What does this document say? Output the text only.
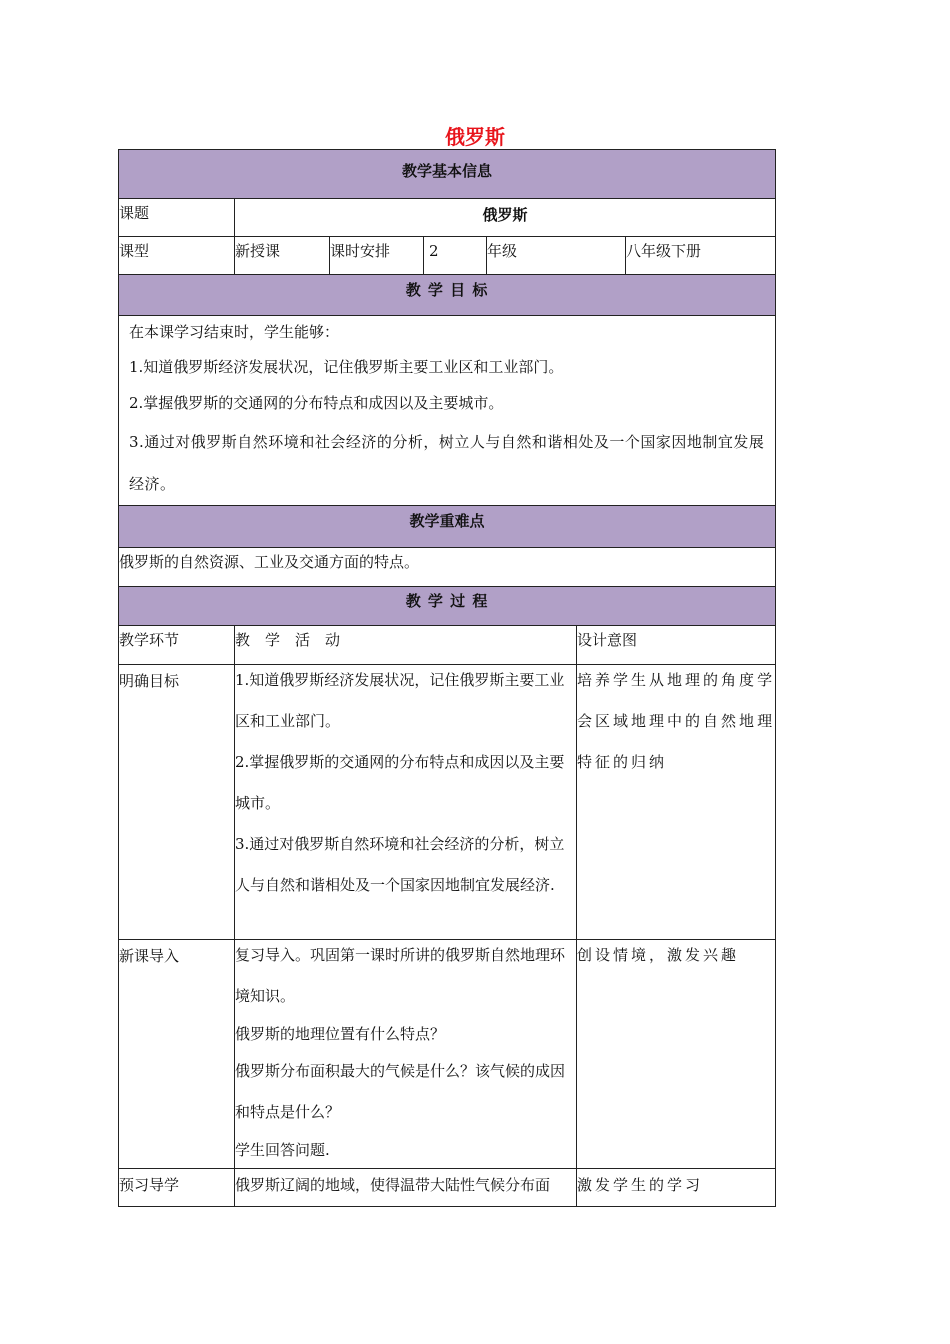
俄罗斯
教学基本信息						

课题	俄罗斯					

课型	新授课	课时安排	2	年级		八年级下册

教 学 目 标						

在本课学习结束时，学生能够：
1.知道俄罗斯经济发展状况，记住俄罗斯主要工业区和工业部门。
2.掌握俄罗斯的交通网的分布特点和成因以及主要城市。
3.通过对俄罗斯自然环境和社会经济的分析，树立人与自然和谐相处及一个国家因地制宜发展经济。						

教学重难点						

俄罗斯的自然资源、工业及交通方面的特点。						

教 学 过 程						

教学环节	教　学　活　动				设计意图	

明确目标	1.知道俄罗斯经济发展状况，记住俄罗斯主要工业区和工业部门。
2.掌握俄罗斯的交通网的分布特点和成因以及主要城市。
3.通过对俄罗斯自然环境和社会经济的分析，树立人与自然和谐相处及一个国家因地制宜发展经济.				培养学生从地理的角度学会区域地理中的自然地理特征的归纳	

新课导入	复习导入。巩固第一课时所讲的俄罗斯自然地理环境知识。
俄罗斯的地理位置有什么特点？
俄罗斯分布面积最大的气候是什么？该气候的成因和特点是什么？
学生回答问题.				创设情境，激发兴趣	

预习导学	俄罗斯辽阔的地域，使得温带大陆性气候分布面				激发学生的学习	
